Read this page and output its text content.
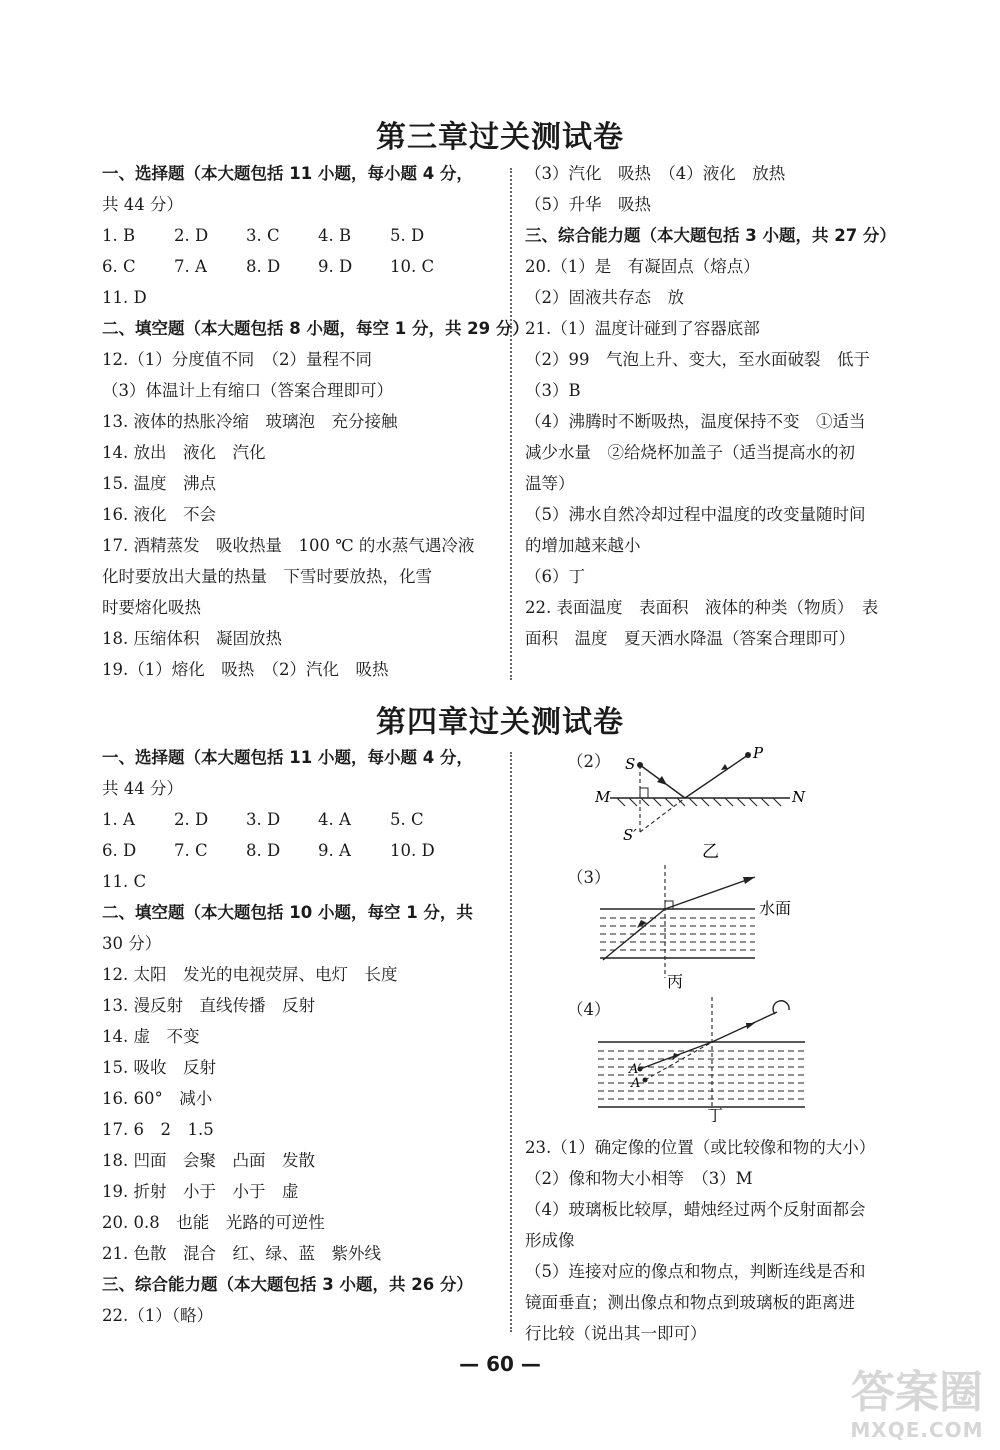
第三章过关测试卷
一、选择题（本大题包括 11 小题，每小题 4 分，
共 44 分）
1. B 2. D 3. C 4. B 5. D
6. C 7. A 8. D 9. D 10. C
11. D
二、填空题（本大题包括 8 小题，每空 1 分，共 29 分）
12.（1）分度值不同　（2）量程不同
（3）体温计上有缩口（答案合理即可）
13. 液体的热胀冷缩　玻璃泡　充分接触
14. 放出　液化　汽化
15. 温度　沸点
16. 液化　不会
17. 酒精蒸发　吸收热量　100 ℃ 的水蒸气遇冷液
化时要放出大量的热量　下雪时要放热，化雪
时要熔化吸热
18. 压缩体积　凝固放热
19.（1）熔化　吸热　（2）汽化　吸热
（3）汽化　吸热　（4）液化　放热
（5）升华　吸热
三、综合能力题（本大题包括 3 小题，共 27 分）
20.（1）是　有凝固点（熔点）
（2）固液共存态　放
21.（1）温度计碰到了容器底部
（2）99　气泡上升、变大，至水面破裂　低于
（3）B
（4）沸腾时不断吸热，温度保持不变　①适当
减少水量　②给烧杯加盖子（适当提高水的初
温等）
（5）沸水自然冷却过程中温度的改变量随时间
的增加越来越小
（6）丁
22. 表面温度　表面积　液体的种类（物质）　表
面积　温度　夏天洒水降温（答案合理即可）
第四章过关测试卷
一、选择题（本大题包括 11 小题，每小题 4 分，
共 44 分）
1. A 2. D 3. D 4. A 5. C
6. D 7. C 8. D 9. A 10. D
11. C
二、填空题（本大题包括 10 小题，每空 1 分，共
30 分）
12. 太阳　发光的电视荧屏、电灯　长度
13. 漫反射　直线传播　反射
14. 虚　不变
15. 吸收　反射
16. 60°　减小
17. 6　2　1.5
18. 凹面　会聚　凸面　发散
19. 折射　小于　小于　虚
20. 0.8　也能　光路的可逆性
21. 色散　混合　红、绿、蓝　紫外线
三、综合能力题（本大题包括 3 小题，共 26 分）
22.（1）（略）
23.（1）确定像的位置（或比较像和物的大小）
（2）像和物大小相等　（3）M
（4）玻璃板比较厚，蜡烛经过两个反射面都会
形成像
（5）连接对应的像点和物点，判断连线是否和
镜面垂直；测出像点和物点到玻璃板的距离进
行比较（说出其一即可）
（2） S
P
M	N
S′
乙
（3）
水面
丙
（4）
A′
A
丁
— 60 —
答案圈
MXQE.COM
